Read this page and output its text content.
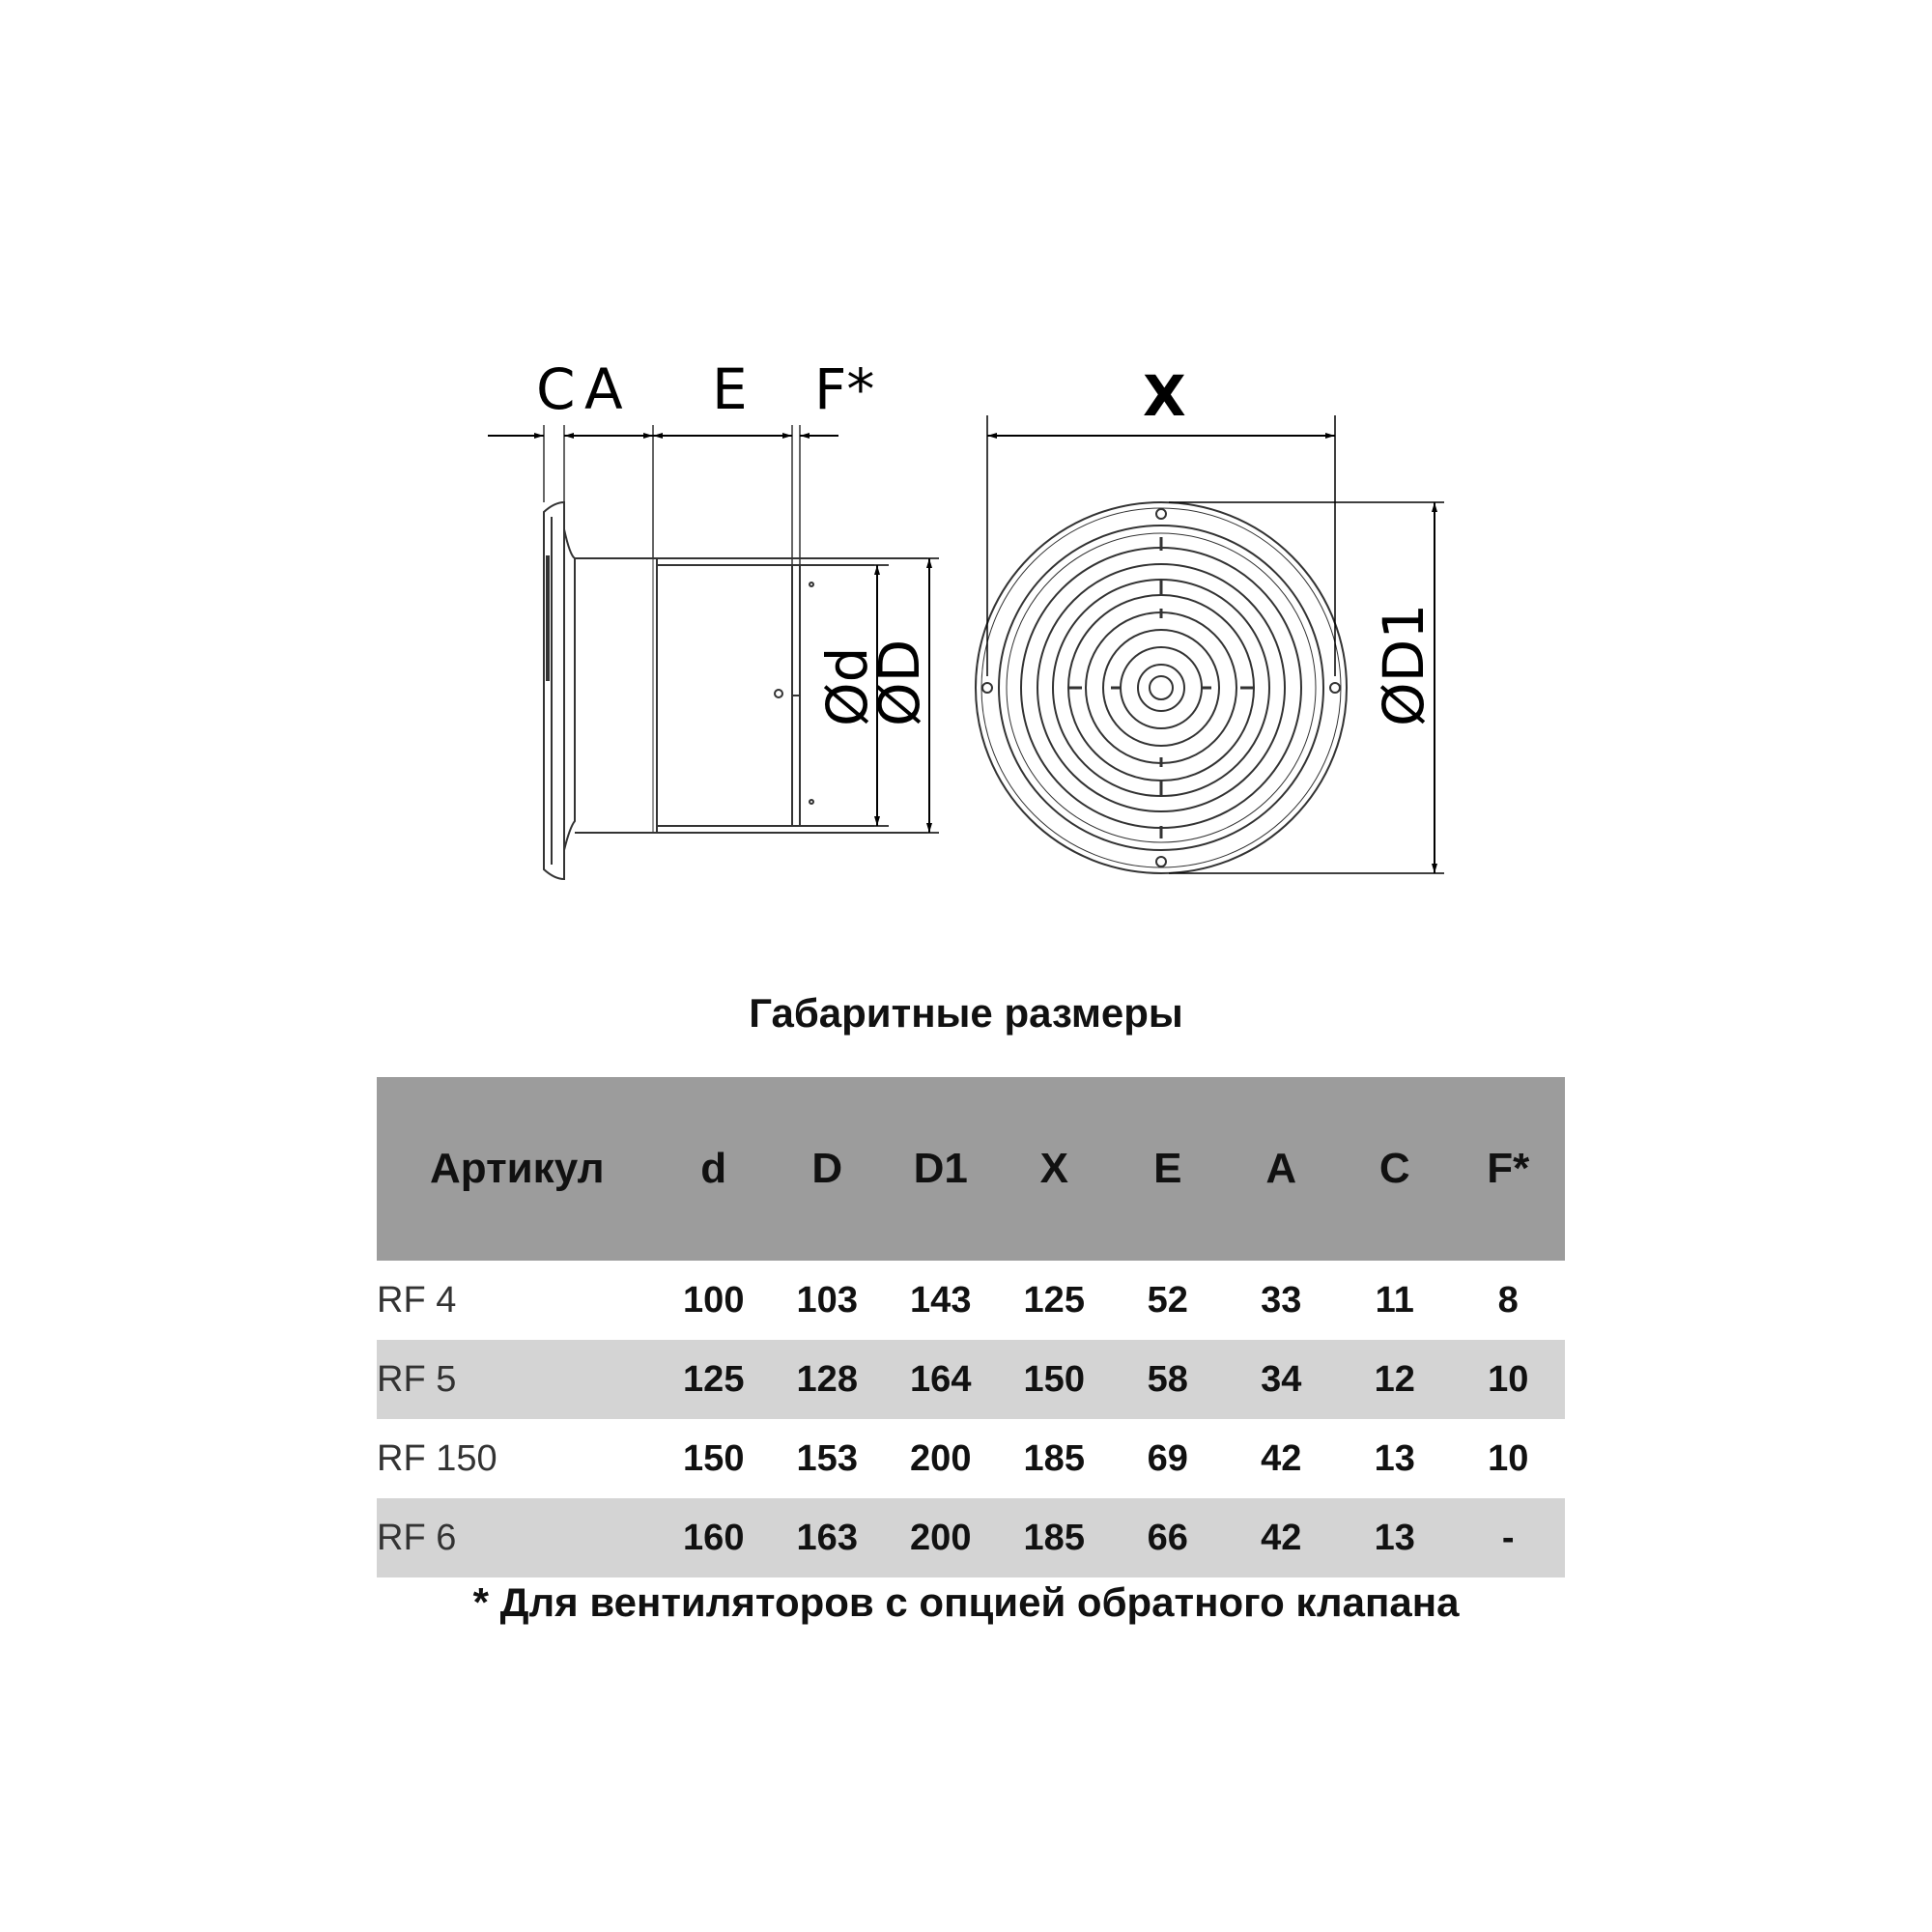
C A E F*
Ød
ØD
X
ØD1
Габаритные размеры
Артикул	d	D	D1	X	E	A	C	F*
RF 4	100	103	143	125	52	33	11	8
RF 5	125	128	164	150	58	34	12	10
RF 150	150	153	200	185	69	42	13	10
RF 6	160	163	200	185	66	42	13	-
* Для вентиляторов с опцией обратного клапана
